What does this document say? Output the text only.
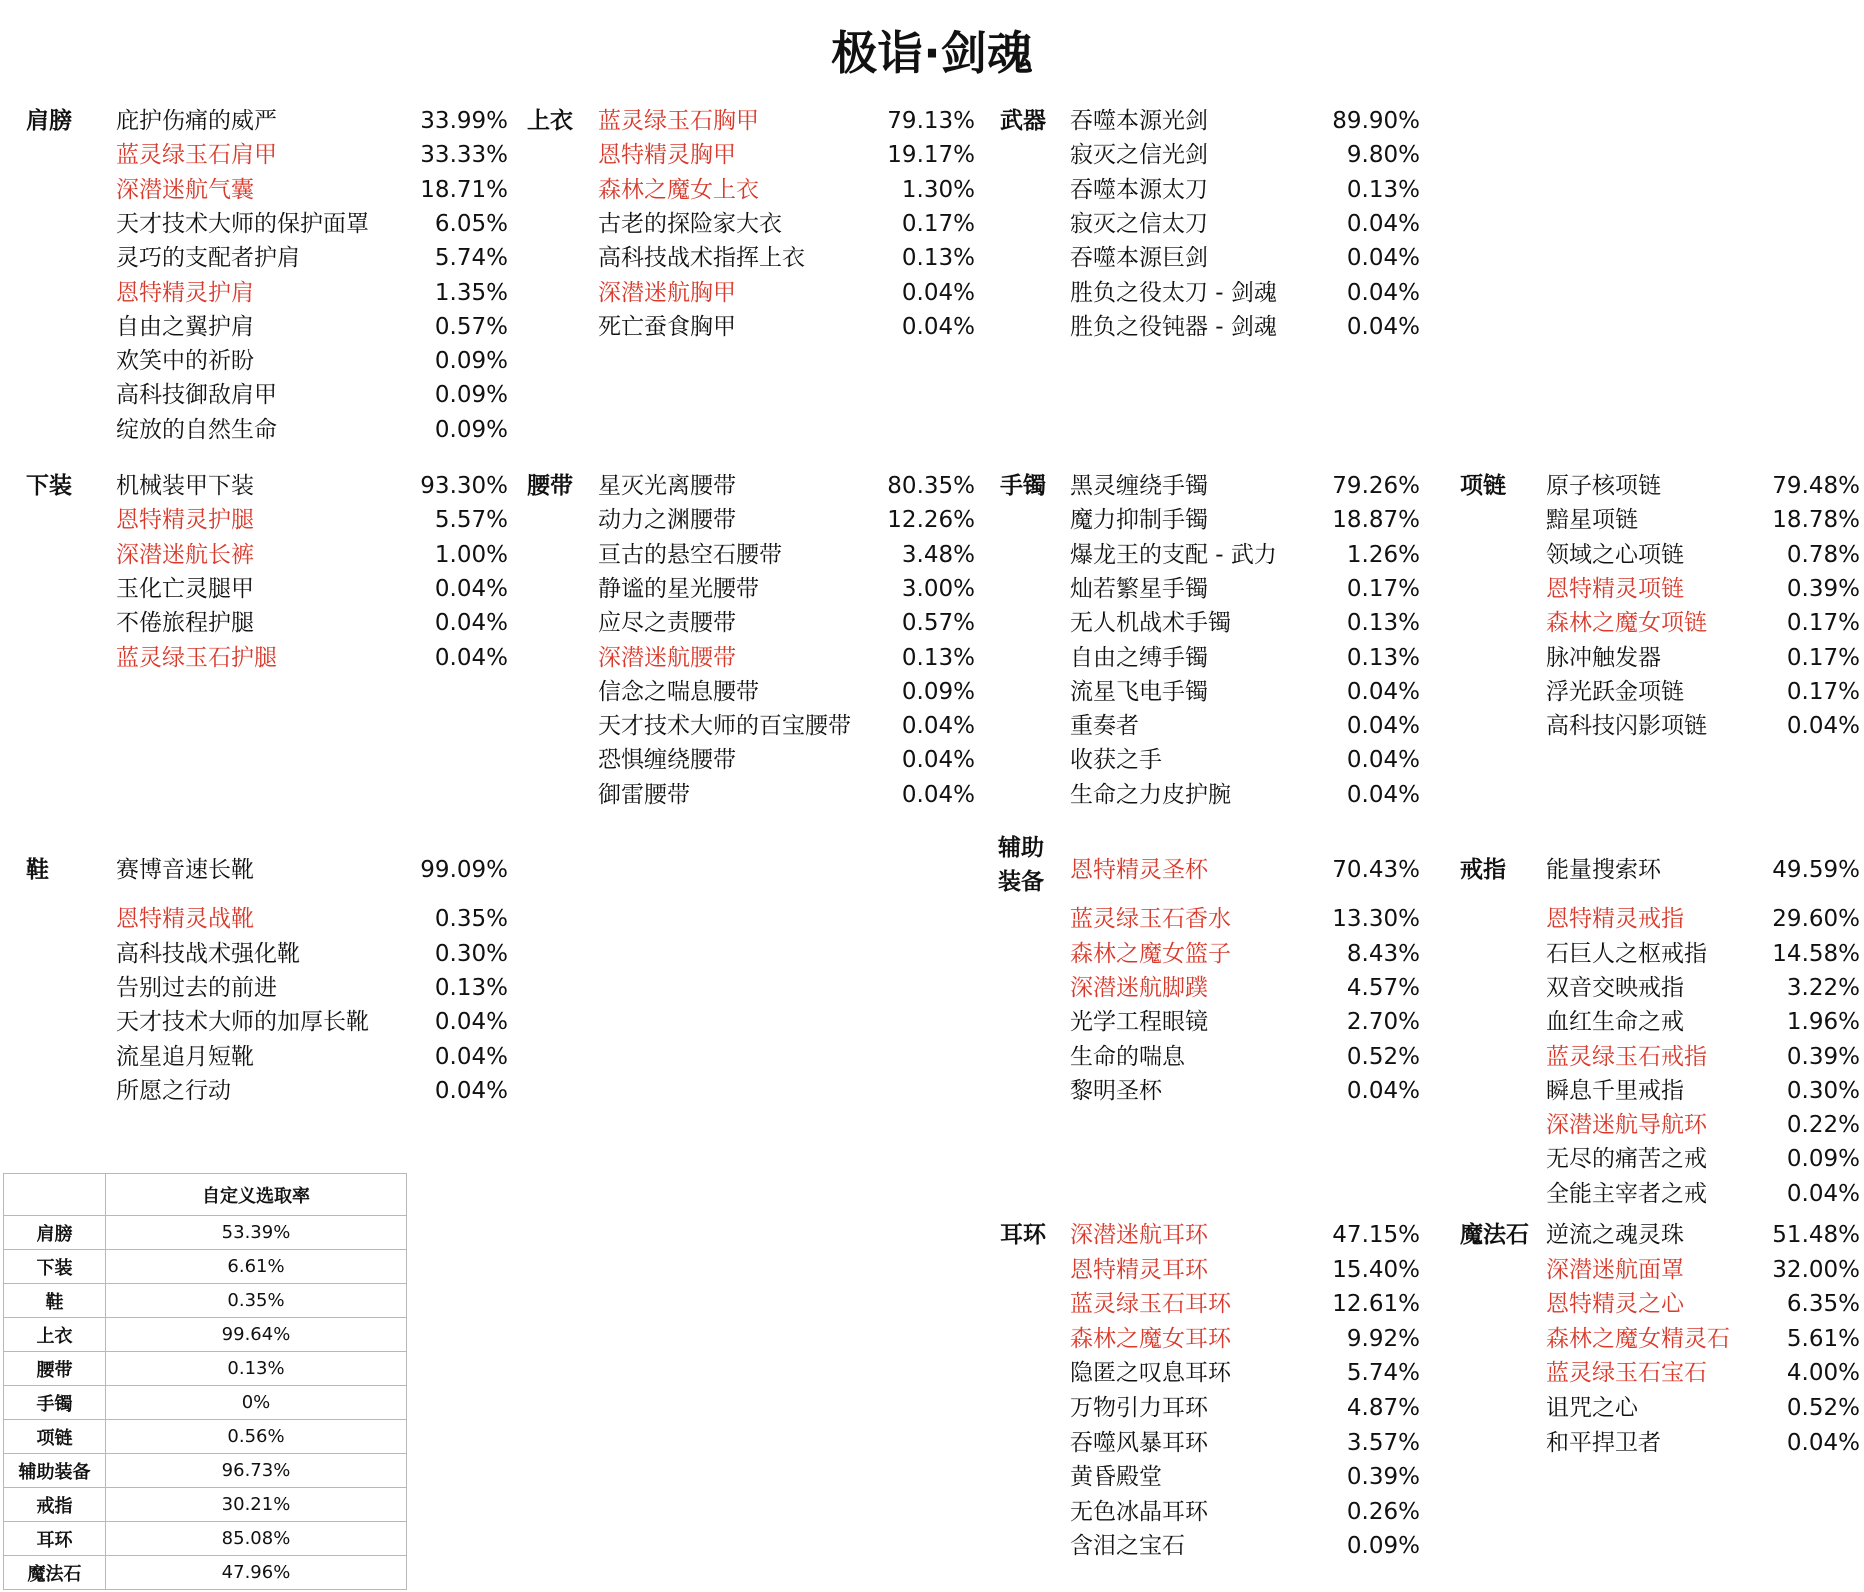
极诣·剑魂
肩膀 庇护伤痛的威严	33.99%
蓝灵绿玉石肩甲	33.33%
深潜迷航气囊	18.71%
天才技术大师的保护面罩	6.05%
灵巧的支配者护肩	5.74%
恩特精灵护肩	1.35%
自由之翼护肩	0.57%
欢笑中的祈盼	0.09%
高科技御敌肩甲	0.09%
绽放的自然生命	0.09%
上衣 蓝灵绿玉石胸甲	79.13%
恩特精灵胸甲	19.17%
森林之魔女上衣	1.30%
古老的探险家大衣	0.17%
高科技战术指挥上衣	0.13%
深潜迷航胸甲	0.04%
死亡蚕食胸甲	0.04%
武器 吞噬本源光剑	89.90%
寂灭之信光剑	9.80%
吞噬本源太刀	0.13%
寂灭之信太刀	0.04%
吞噬本源巨剑	0.04%
胜负之役太刀 - 剑魂	0.04%
胜负之役钝器 - 剑魂	0.04%
下装 机械装甲下装	93.30%
恩特精灵护腿	5.57%
深潜迷航长裤	1.00%
玉化亡灵腿甲	0.04%
不倦旅程护腿	0.04%
蓝灵绿玉石护腿	0.04%
腰带 星灭光离腰带	80.35%
动力之渊腰带	12.26%
亘古的悬空石腰带	3.48%
静谧的星光腰带	3.00%
应尽之责腰带	0.57%
深潜迷航腰带	0.13%
信念之喘息腰带	0.09%
天才技术大师的百宝腰带 0.04%
恐惧缠绕腰带	0.04%
御雷腰带	0.04%
手镯 黑灵缠绕手镯	79.26%
魔力抑制手镯	18.87%
爆龙王的支配 - 武力	1.26%
灿若繁星手镯	0.17%
无人机战术手镯	0.13%
自由之缚手镯	0.13%
流星飞电手镯	0.04%
重奏者	0.04%
收获之手	0.04%
生命之力皮护腕	0.04%
项链 原子核项链	79.48%
黯星项链	18.78%
领域之心项链	0.78%
恩特精灵项链	0.39%
森林之魔女项链	0.17%
脉冲触发器	0.17%
浮光跃金项链	0.17%
高科技闪影项链	0.04%
鞋	赛博音速长靴	99.09%
恩特精灵战靴	0.35%
高科技战术强化靴	0.30%
告别过去的前进	0.13%
天才技术大师的加厚长靴	0.04%
流星追月短靴	0.04%
所愿之行动	0.04%
辅助装备 恩特精灵圣杯	70.43%
蓝灵绿玉石香水	13.30%
森林之魔女篮子	8.43%
深潜迷航脚蹼	4.57%
光学工程眼镜	2.70%
生命的喘息	0.52%
黎明圣杯	0.04%
戒指 能量搜索环	49.59%
恩特精灵戒指	29.60%
石巨人之枢戒指	14.58%
双音交映戒指	3.22%
血红生命之戒	1.96%
蓝灵绿玉石戒指	0.39%
瞬息千里戒指	0.30%
深潜迷航导航环	0.22%
无尽的痛苦之戒	0.09%
全能主宰者之戒	0.04%
耳环 深潜迷航耳环	47.15%
恩特精灵耳环	15.40%
蓝灵绿玉石耳环	12.61%
森林之魔女耳环	9.92%
隐匿之叹息耳环	5.74%
万物引力耳环	4.87%
吞噬风暴耳环	3.57%
黄昏殿堂	0.39%
无色冰晶耳环	0.26%
含泪之宝石	0.09%
魔法石 逆流之魂灵珠	51.48%
深潜迷航面罩	32.00%
恩特精灵之心	6.35%
森林之魔女精灵石 5.61%
蓝灵绿玉石宝石	4.00%
诅咒之心	0.52%
和平捍卫者	0.04%
	自定义选取率
肩膀	53.39%
下装	6.61%
鞋	0.35%
上衣	99.64%
腰带	0.13%
手镯	0%
项链	0.56%
辅助装备	96.73%
戒指	30.21%
耳环	85.08%
魔法石	47.96%
